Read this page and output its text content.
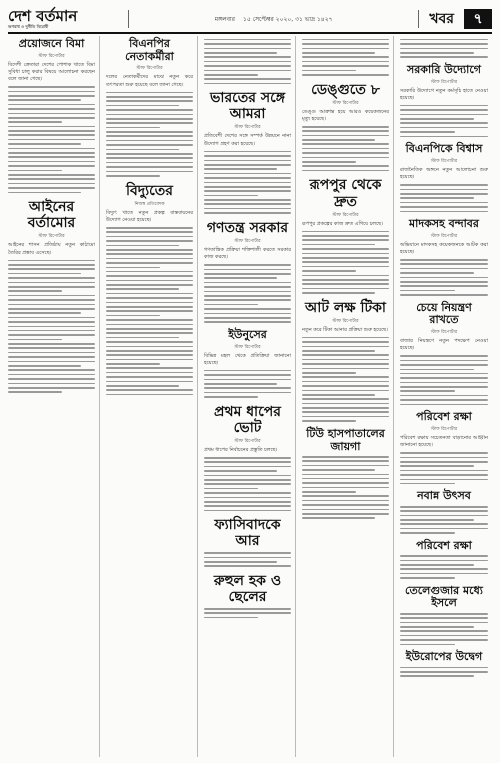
দেশ বর্তমান
অপরাধ ও দুর্নীতি বিরোধী
মঙ্গলবার ১৫ সেপ্টেম্বর ২০২০, ৩১ ভাদ্র ১৪২৭	খবর	৭
প্রয়োজনে বিমা
স্টাফ রিপোর্টার
বিদেশী ক্রেতারা দেশের পোশাক খাতে বিমা সুবিধা চালু করার বিষয়ে আলোচনা করছেন বলে জানা গেছে।
আইনের বর্তামোর
স্টাফ রিপোর্টার
আইনের শাসন প্রতিষ্ঠায় নতুন কাঠামো তৈরির প্রস্তাব এসেছে।
বিএনপির নেতাকর্মীরা
স্টাফ রিপোর্টার
দলের নেতাকর্মীদের মাঝে নতুন করে তৎপরতা শুরু হয়েছে বলে জানা গেছে।
বিদ্যুতের
নিজস্ব প্রতিবেদক
বিদ্যুৎ খাতে নতুন প্রকল্প বাস্তবায়নের উদ্যোগ নেওয়া হয়েছে।
ভারতের সঙ্গে আমরা
স্টাফ রিপোর্টার
প্রতিবেশী দেশের সঙ্গে সম্পর্ক উন্নয়নে নানা উদ্যোগ গ্রহণ করা হয়েছে।
গণতন্ত্র সরকার
স্টাফ রিপোর্টার
গণতান্ত্রিক প্রক্রিয়া শক্তিশালী করতে সরকার কাজ করছে।
ইউনুসের
স্টাফ রিপোর্টার
বিভিন্ন মহল থেকে প্রতিক্রিয়া জানানো হয়েছে।
প্রথম ধাপের ভোট
স্টাফ রিপোর্টার
প্রথম ধাপের নির্বাচনের প্রস্তুতি চলছে।
ফ্যাসিবাদকে আর
রুহুল হক ও ছেলের
ডেঙ্গুতে ৮
স্টাফ রিপোর্টার
ডেঙ্গু আক্রান্ত হয়ে আরও কয়েকজনের মৃত্যু হয়েছে।
রূপপুর থেকে দ্রুত
স্টাফ রিপোর্টার
রূপপুর প্রকল্পের কাজ দ্রুত এগিয়ে চলছে।
আট লক্ষ টিকা
স্টাফ রিপোর্টার
নতুন করে টিকা আনার প্রক্রিয়া শুরু হয়েছে।
টিউ হাসপাতালের জায়গা
সরকারি উদ্যোগে
স্টাফ রিপোর্টার
সরকারি উদ্যোগে নতুন কর্মসূচি হাতে নেওয়া হয়েছে।
বিএনপিকে বিশ্বাস
স্টাফ রিপোর্টার
রাজনৈতিক অঙ্গনে নতুন আলোচনা শুরু হয়েছে।
মাদকসহ বন্দাবর
স্টাফ রিপোর্টার
অভিযানে মাদকসহ কয়েকজনকে আটক করা হয়েছে।
চেয়ে নিয়ন্ত্রণ রাখতে
স্টাফ রিপোর্টার
বাজার নিয়ন্ত্রণে নতুন পদক্ষেপ নেওয়া হয়েছে।
পরিবেশ রক্ষা
স্টাফ রিপোর্টার
পরিবেশ রক্ষায় সচেতনতা বাড়ানোর আহ্বান জানানো হয়েছে।
নবান্ন উৎসব
পরিবেশ রক্ষা
তেলেগুজার মধ্যে ইসলে
ইউরোপের উদ্বেগ
